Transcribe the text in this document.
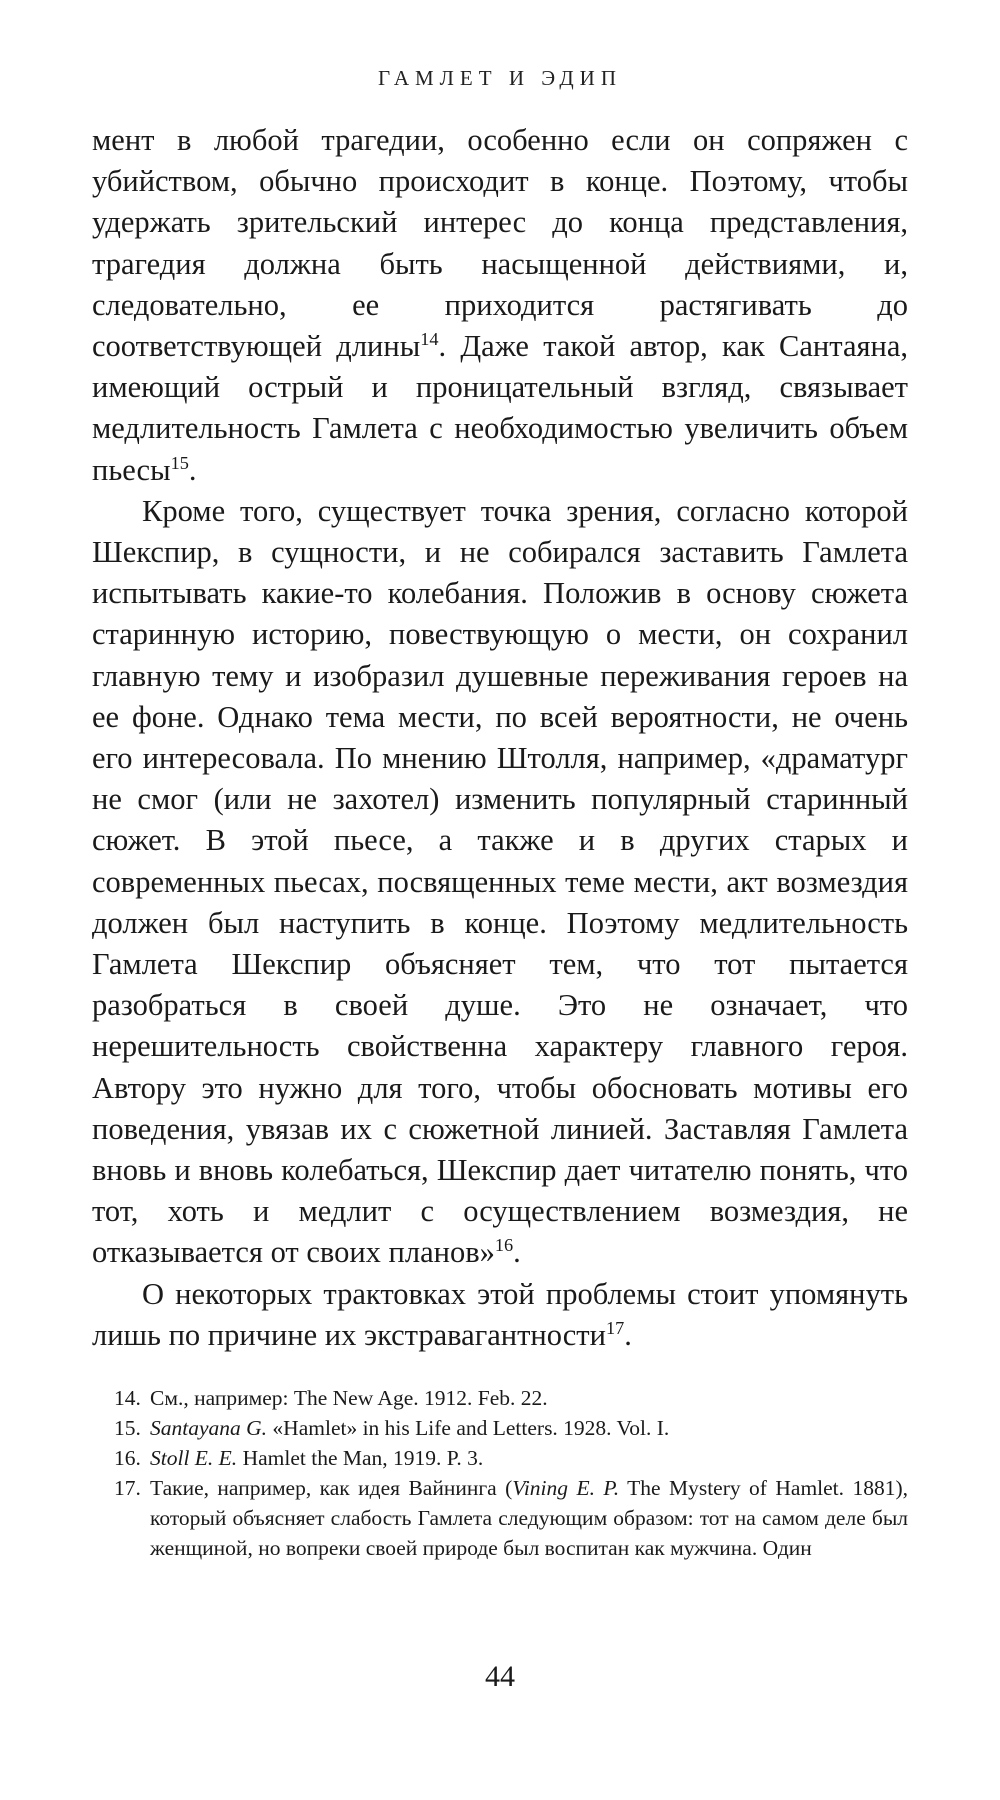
ГАМЛЕТ И ЭДИП

мент в любой трагедии, особенно если он сопряжен с убийством, обычно происходит в конце. Поэтому, чтобы удержать зрительский интерес до конца представления, трагедия должна быть насыщенной действиями, и, следовательно, ее приходится растягивать до соответствующей длины$^{14}$. Даже такой автор, как Сантаяна, имеющий острый и проницательный взгляд, связывает медлительность Гамлета с необходимостью увеличить объем пьесы$^{15}$.

Кроме того, существует точка зрения, согласно которой Шекспир, в сущности, и не собирался заставить Гамлета испытывать какие-то колебания. Положив в основу сюжета старинную историю, повествующую о мести, он сохранил главную тему и изобразил душевные переживания героев на ее фоне. Однако тема мести, по всей вероятности, не очень его интересовала. По мнению Штолля, например, «драматург не смог (или не захотел) изменить популярный старинный сюжет. В этой пьесе, а также и в других старых и современных пьесах, посвященных теме мести, акт возмездия должен был наступить в конце. Поэтому медлительность Гамлета Шекспир объясняет тем, что тот пытается разобраться в своей душе. Это не означает, что нерешительность свойственна характеру главного героя. Автору это нужно для того, чтобы обосновать мотивы его поведения, увязав их с сюжетной линией. Заставляя Гамлета вновь и вновь колебаться, Шекспир дает читателю понять, что тот, хоть и медлит с осуществлением возмездия, не отказывается от своих планов»$^{16}$.

О некоторых трактовках этой проблемы стоит упомянуть лишь по причине их экстравагантности$^{17}$.

14. См., например: The New Age. 1912. Feb. 22.
15. Santayana G. «Hamlet» in his Life and Letters. 1928. Vol. I.
16. Stoll E. E. Hamlet the Man, 1919. P. 3.
17. Такие, например, как идея Вайнинга (Vining E. P. The Mystery of Hamlet. 1881), который объясняет слабость Гамлета следующим образом: тот на самом деле был женщиной, но вопреки своей природе был воспитан как мужчина. Один
44
